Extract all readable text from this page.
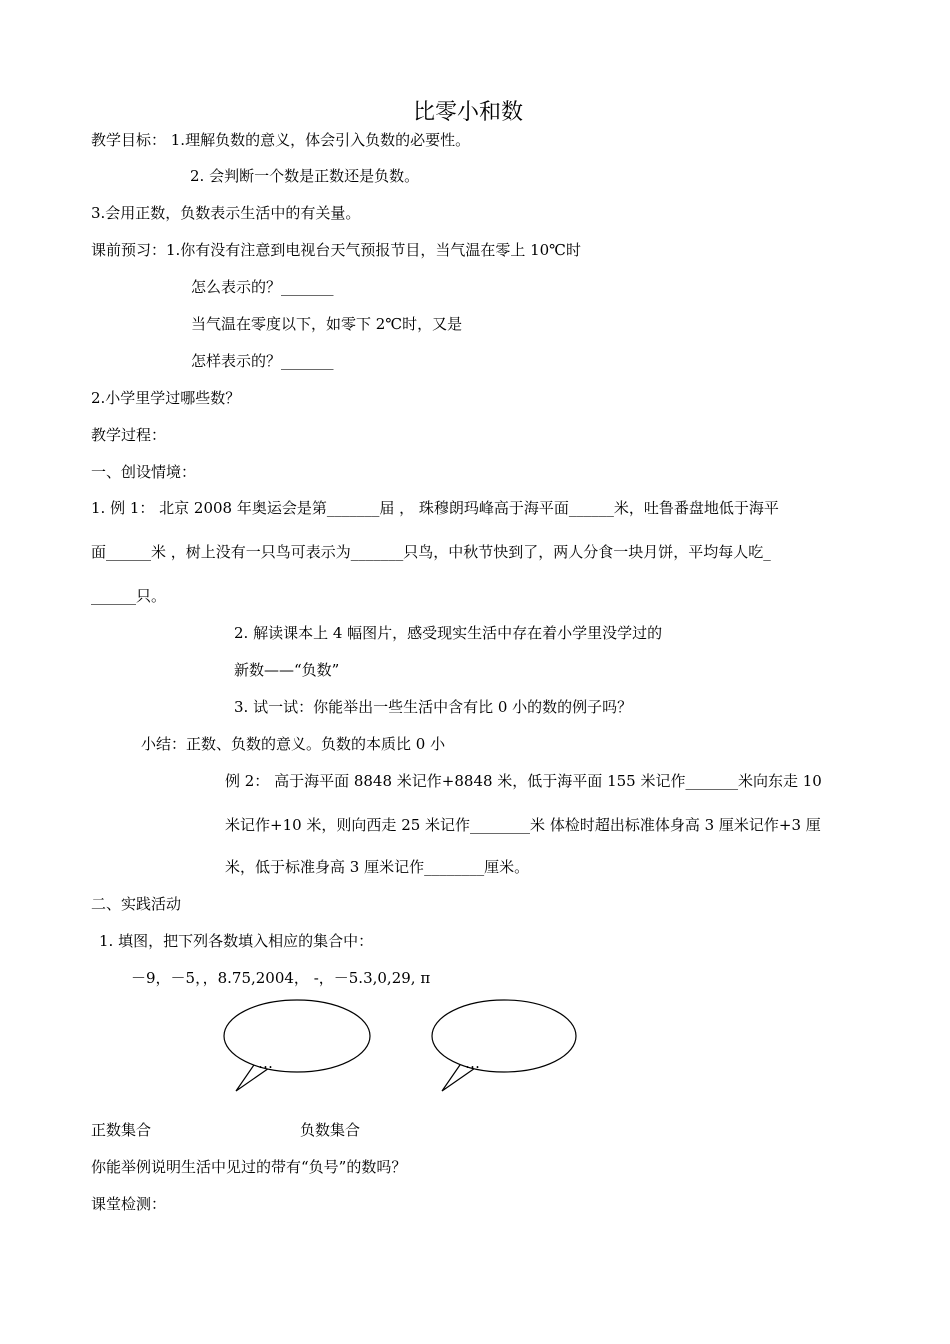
比零小和数
教学目标： 1.理解负数的意义，体会引入负数的必要性。
2. 会判断一个数是正数还是负数。
3.会用正数，负数表示生活中的有关量。
课前预习：1.你有没有注意到电视台天气预报节目，当气温在零上 10℃时
怎么表示的？_______
当气温在零度以下，如零下 2℃时，又是
怎样表示的？_______
2.小学里学过哪些数？
教学过程：
一、创设情境：
1. 例 1： 北京 2008 年奥运会是第_______届 ， 珠穆朗玛峰高于海平面______米，吐鲁番盘地低于海平
面______米 ，树上没有一只鸟可表示为_______只鸟，中秋节快到了，两人分食一块月饼，平均每人吃_
______只。
2. 解读课本上 4 幅图片，感受现实生活中存在着小学里没学过的
新数——“负数”
3. 试一试：你能举出一些生活中含有比 0 小的数的例子吗？
小结：正数、负数的意义。负数的本质比 0 小
例 2： 高于海平面 8848 米记作+8848 米，低于海平面 155 米记作_______米向东走 10
米记作+10 米，则向西走 25 米记作________米 体检时超出标准体身高 3 厘米记作+3 厘
米，低于标准身高 3 厘米记作________厘米。
二、实践活动
1. 填图，把下列各数填入相应的集合中：
－9，－5，，8.75,2004， -，－5.3,0,29, π
…	…
正数集合	负数集合
你能举例说明生活中见过的带有“负号”的数吗？
课堂检测：
